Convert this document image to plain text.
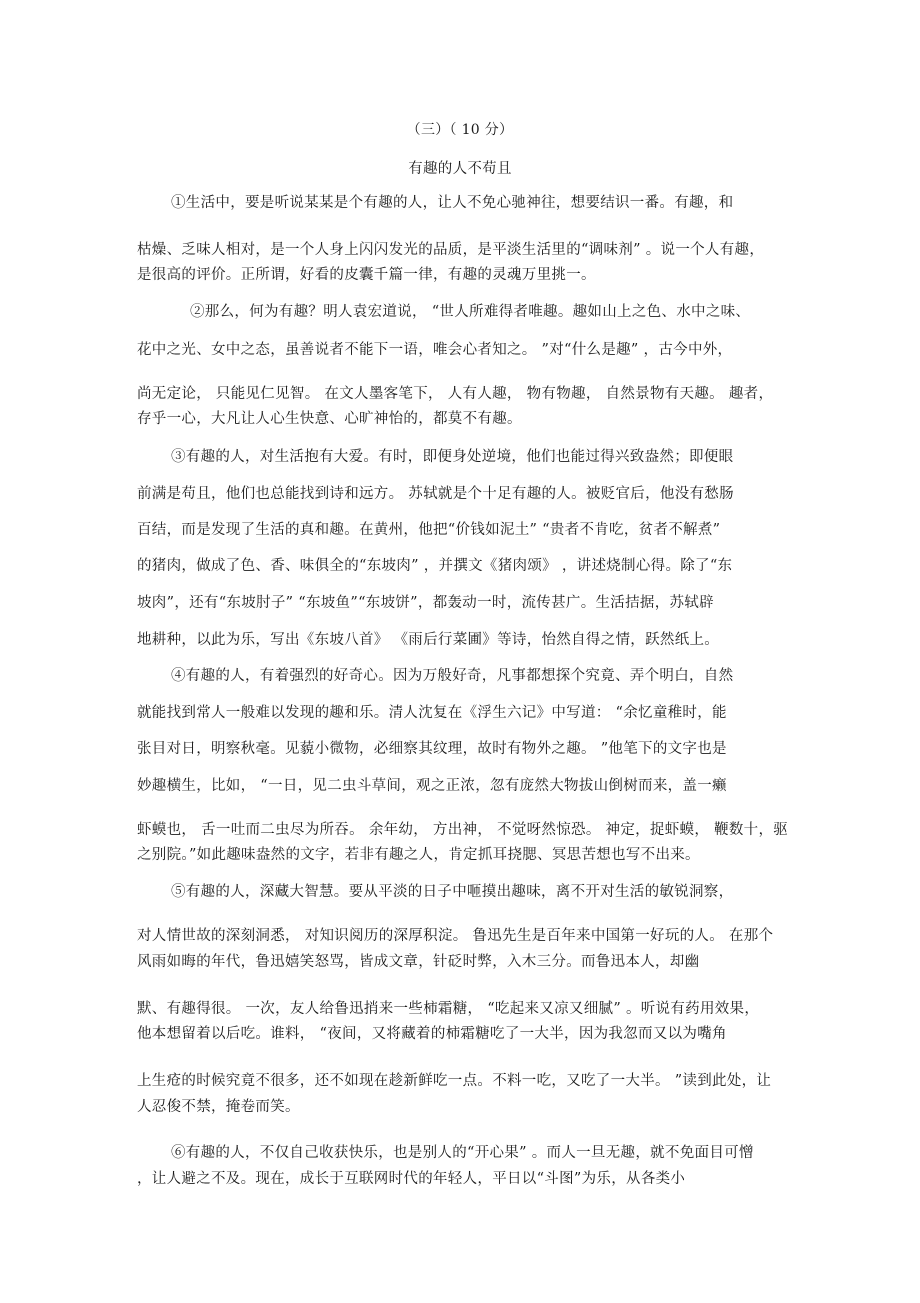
（三）（ 10 分）
有趣的人不苟且
①生活中，要是听说某某是个有趣的人，让人不免心驰神往，想要结识一番。有趣，和
枯燥、乏味人相对，是一个人身上闪闪发光的品质，是平淡生活里的“调味剂” 。说一个人有趣，
是很高的评价。正所谓，好看的皮囊千篇一律，有趣的灵魂万里挑一。
②那么，何为有趣？明人袁宏道说， “世人所难得者唯趣。趣如山上之色、水中之味、
花中之光、女中之态，虽善说者不能下一语，唯会心者知之。 ”对“什么是趣” ，古今中外，
尚无定论， 只能见仁见智。 在文人墨客笔下， 人有人趣， 物有物趣， 自然景物有天趣。 趣者，
存乎一心，大凡让人心生快意、心旷神怡的，都莫不有趣。
③有趣的人，对生活抱有大爱。有时，即便身处逆境，他们也能过得兴致盎然；即便眼
前满是苟且，他们也总能找到诗和远方。 苏轼就是个十足有趣的人。被贬官后，他没有愁肠
百结，而是发现了生活的真和趣。在黄州，他把“价钱如泥土” “贵者不肯吃，贫者不解煮”
的猪肉，做成了色、香、味俱全的“东坡肉” ，并撰文《猪肉颂》 ，讲述烧制心得。除了“东
坡肉”，还有“东坡肘子” “东坡鱼”“东坡饼”，都轰动一时，流传甚广。生活拮据，苏轼辟
地耕种，以此为乐，写出《东坡八首》 《雨后行菜圃》等诗，怡然自得之情，跃然纸上。
④有趣的人，有着强烈的好奇心。因为万般好奇，凡事都想探个究竟、弄个明白，自然
就能找到常人一般难以发现的趣和乐。清人沈复在《浮生六记》中写道： “余忆童稚时，能
张目对日，明察秋毫。见藐小微物，必细察其纹理，故时有物外之趣。 ”他笔下的文字也是
妙趣横生，比如， “一日，见二虫斗草间，观之正浓，忽有庞然大物拔山倒树而来，盖一癞
虾蟆也， 舌一吐而二虫尽为所吞。 余年幼， 方出神， 不觉呀然惊恐。 神定，捉虾蟆， 鞭数十，驱
之别院。”如此趣味盎然的文字，若非有趣之人，肯定抓耳挠腮、冥思苦想也写不出来。
⑤有趣的人，深藏大智慧。要从平淡的日子中咂摸出趣味，离不开对生活的敏锐洞察，
对人情世故的深刻洞悉， 对知识阅历的深厚积淀。 鲁迅先生是百年来中国第一好玩的人。 在那个
风雨如晦的年代，鲁迅嬉笑怒骂，皆成文章，针砭时弊，入木三分。而鲁迅本人，却幽
默、有趣得很。 一次，友人给鲁迅捎来一些柿霜糖， “吃起来又凉又细腻” 。听说有药用效果，
他本想留着以后吃。谁料， “夜间，又将藏着的柿霜糖吃了一大半，因为我忽而又以为嘴角
上生疮的时候究竟不很多，还不如现在趁新鲜吃一点。不料一吃，又吃了一大半。 ”读到此处，让
人忍俊不禁，掩卷而笑。
⑥有趣的人，不仅自己收获快乐，也是别人的“开心果” 。而人一旦无趣，就不免面目可憎
，让人避之不及。现在，成长于互联网时代的年轻人，平日以“斗图”为乐，从各类小
